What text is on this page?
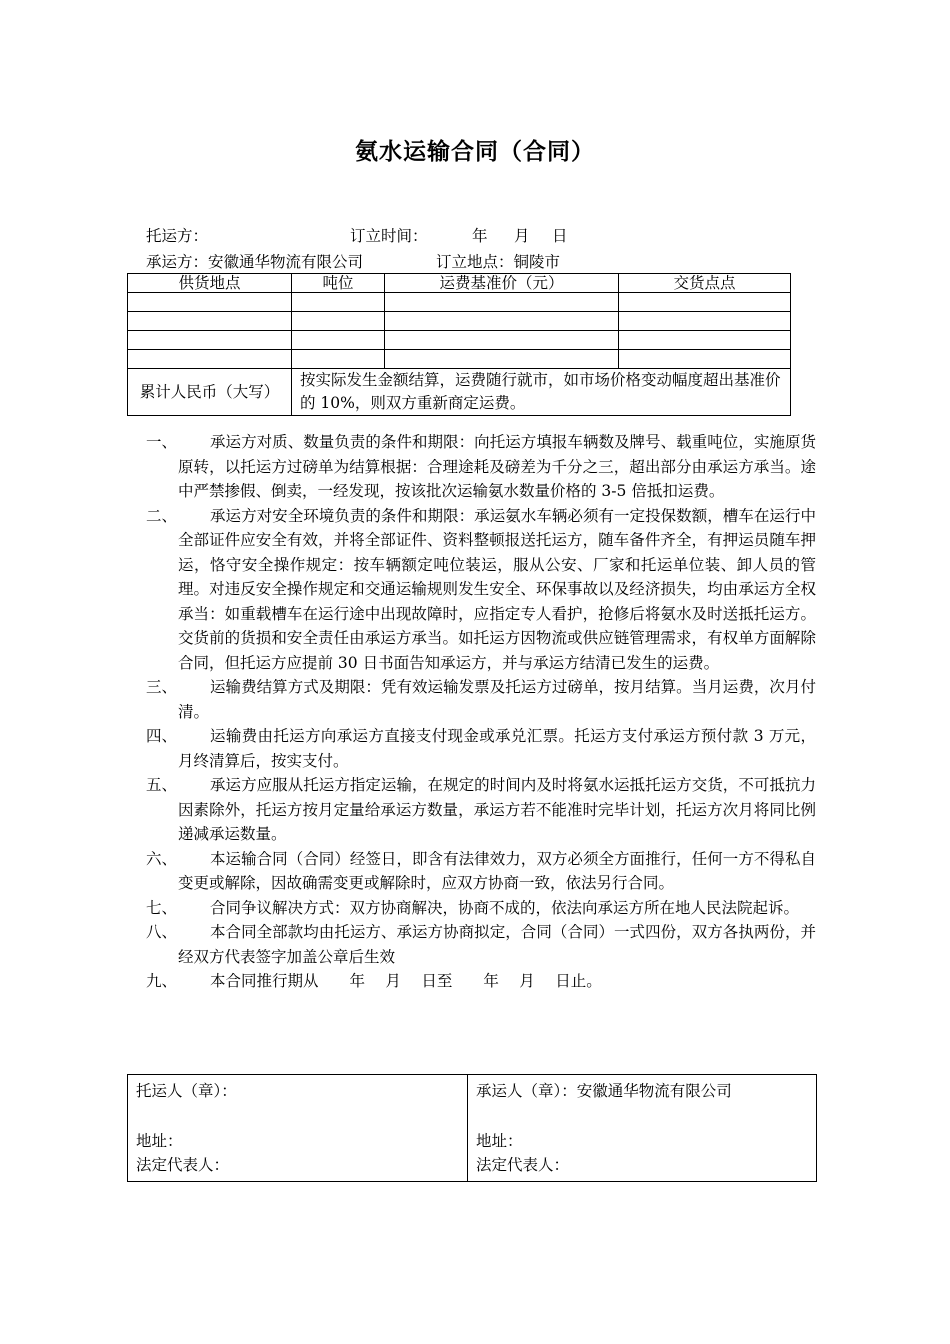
氨水运输合同（合同）
托运方：	订立时间：	年 月 日
承运方：安徽通华物流有限公司	订立地点：铜陵市
供货地点	吨位	运费基准价（元）	交货点点

累计人民币（大写）	按实际发生金额结算，运费随行就市，如市场价格变动幅度超出基准价的 10%，则双方重新商定运费。		
一、	承运方对质、数量负责的条件和期限：向托运方填报车辆数及牌号、载重吨位，实施原货原转，以托运方过磅单为结算根据：合理途耗及磅差为千分之三，超出部分由承运方承当。途中严禁掺假、倒卖，一经发现，按该批次运输氨水数量价格的 3-5 倍抵扣运费。
二、	承运方对安全环境负责的条件和期限：承运氨水车辆必须有一定投保数额，槽车在运行中全部证件应安全有效，并将全部证件、资料整顿报送托运方，随车备件齐全，有押运员随车押运，恪守安全操作规定：按车辆额定吨位装运，服从公安、厂家和托运单位装、卸人员的管理。对违反安全操作规定和交通运输规则发生安全、环保事故以及经济损失，均由承运方全权承当：如重载槽车在运行途中出现故障时，应指定专人看护，抢修后将氨水及时送抵托运方。交货前的货损和安全责任由承运方承当。如托运方因物流或供应链管理需求，有权单方面解除合同，但托运方应提前 30 日书面告知承运方，并与承运方结清已发生的运费。
三、	运输费结算方式及期限：凭有效运输发票及托运方过磅单，按月结算。当月运费，次月付清。
四、	运输费由托运方向承运方直接支付现金或承兑汇票。托运方支付承运方预付款 3 万元，月终清算后，按实支付。
五、	承运方应服从托运方指定运输，在规定的时间内及时将氨水运抵托运方交货，不可抵抗力因素除外，托运方按月定量给承运方数量，承运方若不能准时完毕计划，托运方次月将同比例递减承运数量。
六、	本运输合同（合同）经签日，即含有法律效力，双方必须全方面推行，任何一方不得私自变更或解除，因故确需变更或解除时，应双方协商一致，依法另行合同。
七、	合同争议解决方式：双方协商解决，协商不成的，依法向承运方所在地人民法院起诉。
八、	本合同全部款均由托运方、承运方协商拟定，合同（合同）一式四份，双方各执两份，并经双方代表签字加盖公章后生效
九、	本合同推行期从　　年　 月　 日至　　年　 月　 日止。
托运人（章）：
地址：
法定代表人：

承运人（章）：安徽通华物流有限公司
地址：
法定代表人：
